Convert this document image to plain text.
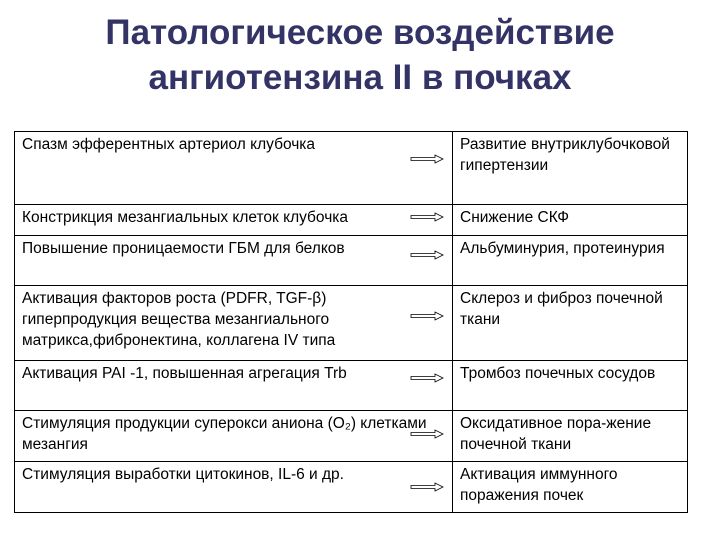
Патологическое воздействие
ангиотензина II в почках
Спазм эфферентных артериол клубочка	Развитие внутриклубочковой гипертензии
Констрикция мезангиальных клеток клубочка	Снижение СКФ
Повышение проницаемости ГБМ для белков	Альбуминурия, протеинурия
Активация факторов роста (PDFR, TGF-β) гиперпродукция вещества мезангиального матрикса,фибронектина, коллагена IV типа	Склероз и фиброз почечной ткани
Активация PAI -1, повышенная агрегация Trb	Тромбоз почечных сосудов
Стимуляция продукции суперокси аниона (O₂) клетками мезангия	Оксидативное пора-жение почечной ткани
Стимуляция выработки цитокинов, IL-6 и др.	Активация иммунного поражения почек
